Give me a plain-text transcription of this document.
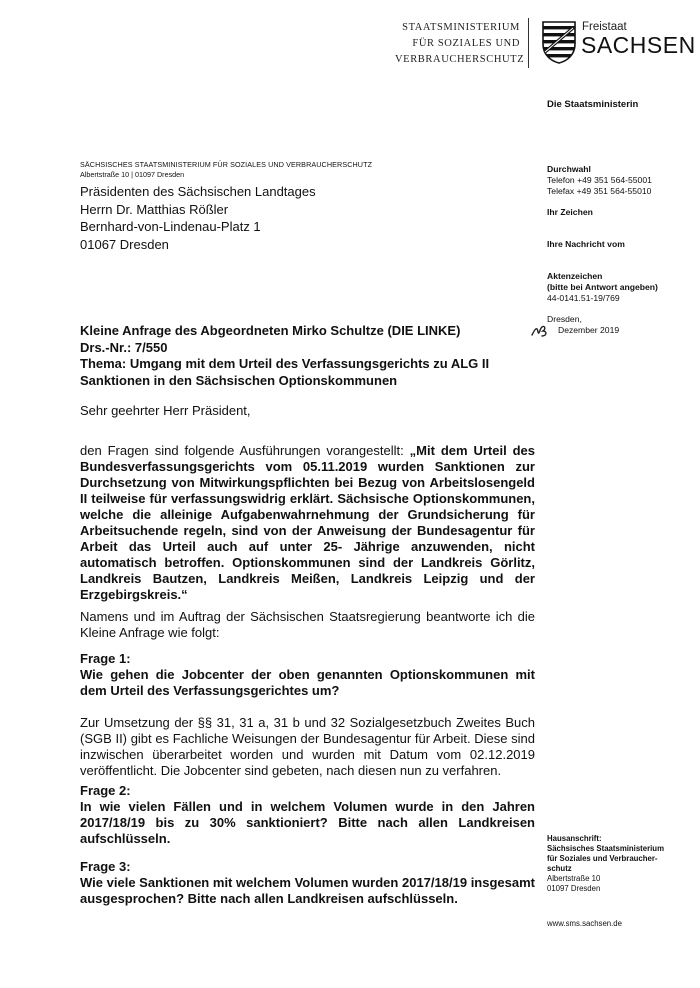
STAATSMINISTERIUM
FÜR SOZIALES UND
VERBRAUCHERSCHUTZ
Freistaat
SACHSEN
Die Staatsministerin
SÄCHSISCHES STAATSMINISTERIUM FÜR SOZIALES UND VERBRAUCHERSCHUTZ
Albertstraße 10 | 01097 Dresden
Präsidenten des Sächsischen Landtages
Herrn Dr. Matthias Rößler
Bernhard-von-Lindenau-Platz 1
01067 Dresden
Durchwahl
Telefon +49 351 564-55001
Telefax +49 351 564-55010
Ihr Zeichen
Ihre Nachricht vom
Aktenzeichen
(bitte bei Antwort angeben)
44-0141.51-19/769
Dresden,
Dezember 2019
Kleine Anfrage des Abgeordneten Mirko Schultze (DIE LINKE)
Drs.-Nr.: 7/550
Thema: Umgang mit dem Urteil des Verfassungsgerichts zu ALG II
Sanktionen in den Sächsischen Optionskommunen
Sehr geehrter Herr Präsident,

den Fragen sind folgende Ausführungen vorangestellt: „Mit dem Urteil des Bundesverfassungsgerichts vom 05.11.2019 wurden Sanktionen zur Durchsetzung von Mitwirkungspflichten bei Bezug von Arbeitslosengeld II teilweise für verfassungswidrig erklärt. Sächsische Optionskommunen, welche die alleinige Aufgabenwahrnehmung der Grundsicherung für Arbeitsuchende regeln, sind von der Anweisung der Bundesagentur für Arbeit das Urteil auch auf unter 25- Jährige anzuwenden, nicht automatisch betroffen. Optionskommunen sind der Landkreis Görlitz, Landkreis Bautzen, Landkreis Meißen, Landkreis Leipzig und der Erzgebirgskreis.“

Namens und im Auftrag der Sächsischen Staatsregierung beantworte ich die Kleine Anfrage wie folgt:
Frage 1:
Wie gehen die Jobcenter der oben genannten Optionskommunen mit dem Urteil des Verfassungsgerichtes um?
Zur Umsetzung der §§ 31, 31 a, 31 b und 32 Sozialgesetzbuch Zweites Buch (SGB II) gibt es Fachliche Weisungen der Bundesagentur für Arbeit. Diese sind inzwischen überarbeitet worden und wurden mit Datum vom 02.12.2019 veröffentlicht. Die Jobcenter sind gebeten, nach diesen nun zu verfahren.
Frage 2:
In wie vielen Fällen und in welchem Volumen wurde in den Jahren 2017/18/19 bis zu 30% sanktioniert? Bitte nach allen Landkreisen aufschlüsseln.
Frage 3:
Wie viele Sanktionen mit welchem Volumen wurden 2017/18/19 insgesamt ausgesprochen? Bitte nach allen Landkreisen aufschlüsseln.
Hausanschrift:
Sächsisches Staatsministerium
für Soziales und Verbraucher-
schutz
Albertstraße 10
01097 Dresden
www.sms.sachsen.de
